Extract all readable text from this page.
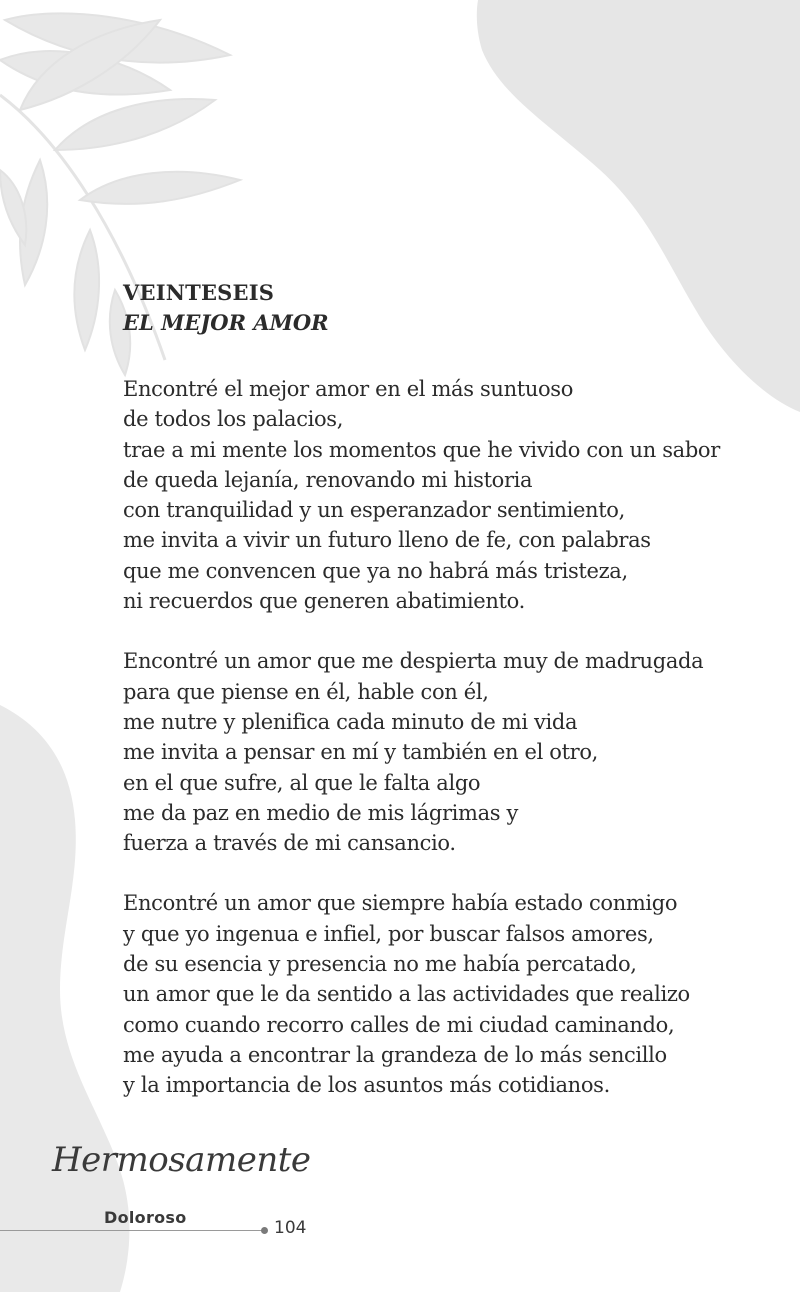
VEINTESEIS
EL MEJOR AMOR

Encontré el mejor amor en el más suntuoso
de todos los palacios,
trae a mi mente los momentos que he vivido con un sabor
de queda lejanía, renovando mi historia
con tranquilidad y un esperanzador sentimiento,
me invita a vivir un futuro lleno de fe, con palabras
que me convencen que ya no habrá más tristeza,
ni recuerdos que generen abatimiento.

Encontré un amor que me despierta muy de madrugada
para que piense en él, hable con él,
me nutre y plenifica cada minuto de mi vida
me invita a pensar en mí y también en el otro,
en el que sufre, al que le falta algo
me da paz en medio de mis lágrimas y
fuerza a través de mi cansancio.

Encontré un amor que siempre había estado conmigo
y que yo ingenua e infiel, por buscar falsos amores,
de su esencia y presencia no me había percatado,
un amor que le da sentido a las actividades que realizo
como cuando recorro calles de mi ciudad caminando,
me ayuda a encontrar la grandeza de lo más sencillo
y la importancia de los asuntos más cotidianos.

Hermosamente
Doloroso
104
